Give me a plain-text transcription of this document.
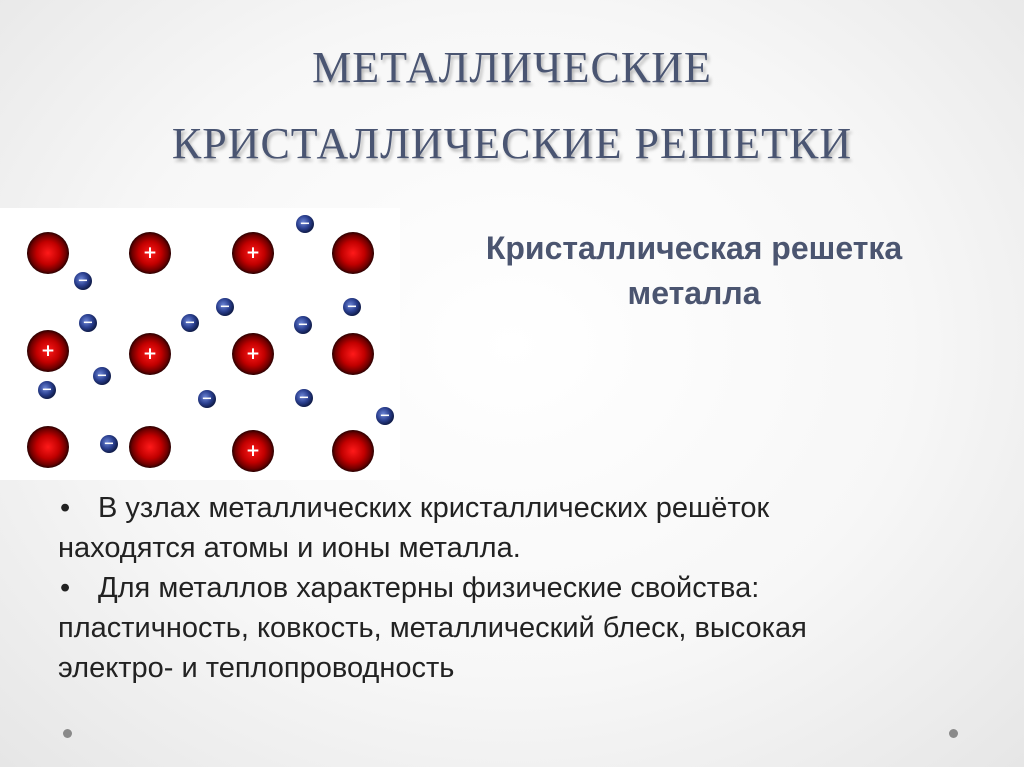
МЕТАЛЛИЧЕСКИЕ
КРИСТАЛЛИЧЕСКИЕ РЕШЕТКИ
+	+
+	+	+
+
−
−
−	−
−	−
−
−
−
−	−
−
−
Кристаллическая решетка
металла

• В узлах металлических кристаллических решёток

находятся атомы и ионы металла.

• Для металлов характерны физические свойства:

пластичность, ковкость, металлический блеск, высокая

электро- и теплопроводность
